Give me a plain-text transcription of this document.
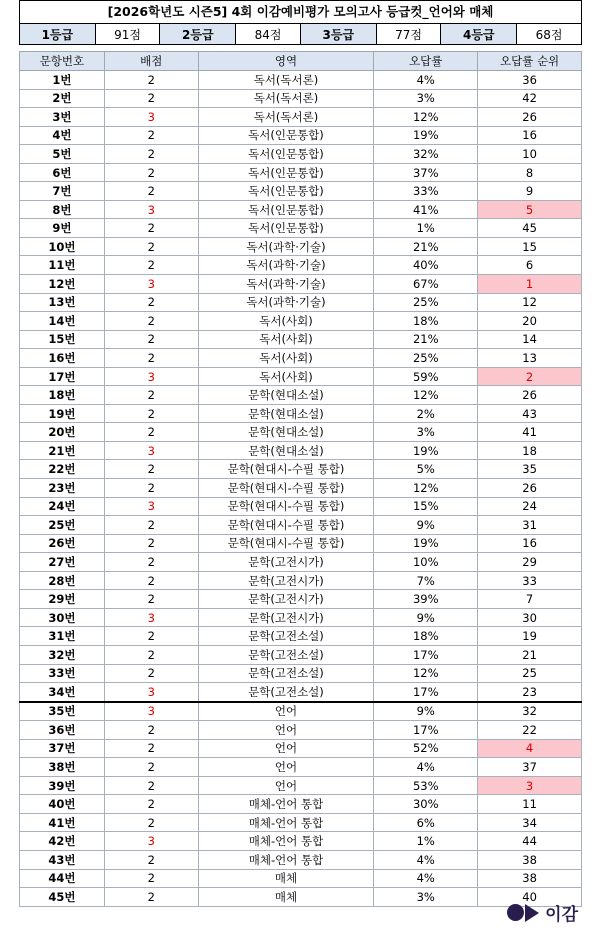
[2026학년도 시즌5] 4회 이감예비평가 모의고사 등급컷_언어와 매체
1등급	91점	2등급	84점	3등급	77점	4등급	68점
문항번호	배점	영역	오답률	오답률 순위
1번	2	독서(독서론)	4%	36
2번	2	독서(독서론)	3%	42
3번	3	독서(독서론)	12%	26
4번	2	독서(인문통합)	19%	16
5번	2	독서(인문통합)	32%	10
6번	2	독서(인문통합)	37%	8
7번	2	독서(인문통합)	33%	9
8번	3	독서(인문통합)	41%	5
9번	2	독서(인문통합)	1%	45
10번	2	독서(과학·기술)	21%	15
11번	2	독서(과학·기술)	40%	6
12번	3	독서(과학·기술)	67%	1
13번	2	독서(과학·기술)	25%	12
14번	2	독서(사회)	18%	20
15번	2	독서(사회)	21%	14
16번	2	독서(사회)	25%	13
17번	3	독서(사회)	59%	2
18번	2	문학(현대소설)	12%	26
19번	2	문학(현대소설)	2%	43
20번	2	문학(현대소설)	3%	41
21번	3	문학(현대소설)	19%	18
22번	2	문학(현대시-수필 통합)	5%	35
23번	2	문학(현대시-수필 통합)	12%	26
24번	3	문학(현대시-수필 통합)	15%	24
25번	2	문학(현대시-수필 통합)	9%	31
26번	2	문학(현대시-수필 통합)	19%	16
27번	2	문학(고전시가)	10%	29
28번	2	문학(고전시가)	7%	33
29번	2	문학(고전시가)	39%	7
30번	3	문학(고전시가)	9%	30
31번	2	문학(고전소설)	18%	19
32번	2	문학(고전소설)	17%	21
33번	2	문학(고전소설)	12%	25
34번	3	문학(고전소설)	17%	23
35번	3	언어	9%	32
36번	2	언어	17%	22
37번	2	언어	52%	4
38번	2	언어	4%	37
39번	2	언어	53%	3
40번	2	매체-언어 통합	30%	11
41번	2	매체-언어 통합	6%	34
42번	3	매체-언어 통합	1%	44
43번	2	매체-언어 통합	4%	38
44번	2	매체	4%	38
45번	2	매체	3%	40
이감
